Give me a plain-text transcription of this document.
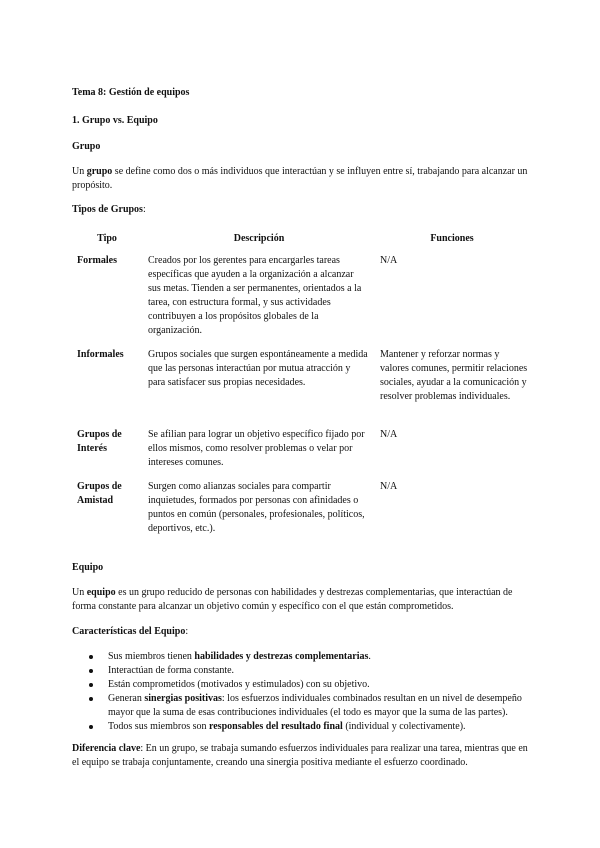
Tema 8: Gestión de equipos

1. Grupo vs. Equipo

Grupo

Un grupo se define como dos o más individuos que interactúan y se influyen entre sí, trabajando para alcanzar un propósito.

Tipos de Grupos:

Tipo	Descripción	Funciones
Formales	Creados por los gerentes para encargarles tareas específicas que ayuden a la organización a alcanzar sus metas. Tienden a ser permanentes, orientados a la tarea, con estructura formal, y sus actividades contribuyen a los propósitos globales de la organización.	N/A
Informales	Grupos sociales que surgen espontáneamente a medida que las personas interactúan por mutua atracción y para satisfacer sus propias necesidades.	Mantener y reforzar normas y valores comunes, permitir relaciones sociales, ayudar a la comunicación y resolver problemas individuales.
Grupos de Interés	Se afilian para lograr un objetivo específico fijado por ellos mismos, como resolver problemas o velar por intereses comunes.	N/A
Grupos de Amistad	Surgen como alianzas sociales para compartir inquietudes, formados por personas con afinidades o puntos en común (personales, profesionales, políticos, deportivos, etc.).	N/A

Equipo

Un equipo es un grupo reducido de personas con habilidades y destrezas complementarias, que interactúan de forma constante para alcanzar un objetivo común y específico con el que están comprometidos.

Características del Equipo:

Sus miembros tienen habilidades y destrezas complementarias.
Interactúan de forma constante.
Están comprometidos (motivados y estimulados) con su objetivo.
Generan sinergias positivas: los esfuerzos individuales combinados resultan en un nivel de desempeño mayor que la suma de esas contribuciones individuales (el todo es mayor que la suma de las partes).
Todos sus miembros son responsables del resultado final (individual y colectivamente).

Diferencia clave: En un grupo, se trabaja sumando esfuerzos individuales para realizar una tarea, mientras que en el equipo se trabaja conjuntamente, creando una sinergia positiva mediante el esfuerzo coordinado.
